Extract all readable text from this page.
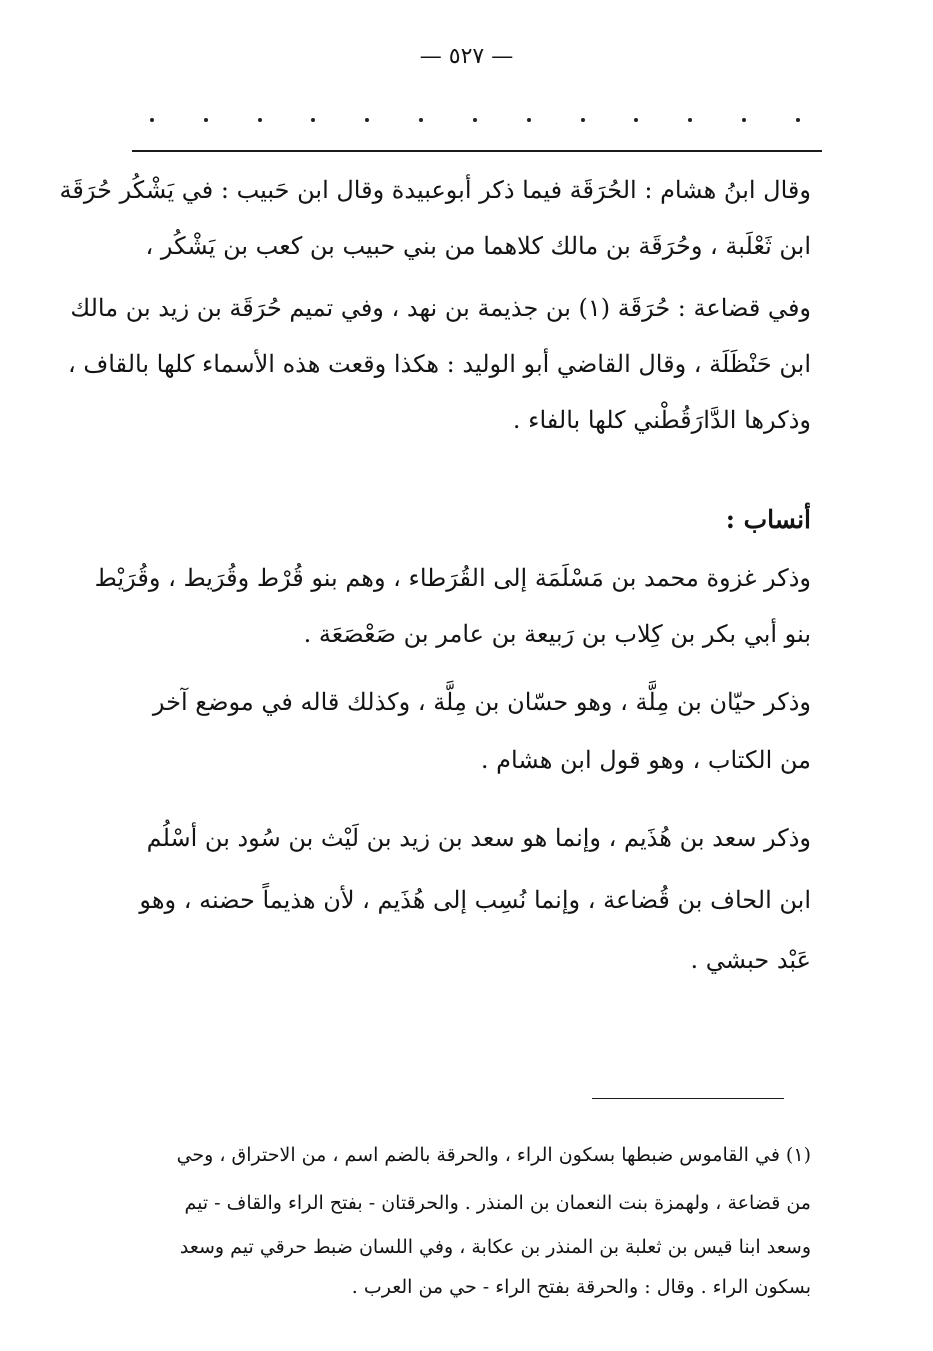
— ٥٢٧ —
وقال ابنُ هشام : الحُرَقَة فيما ذكر أبوعبيدة وقال ابن حَبيب : في يَشْكُر حُرَقَة
ابن ثَعْلَبة ، وحُرَقَة بن مالك كلاهما من بني حبيب بن كعب بن يَشْكُر ،
وفي قضاعة : حُرَقَة (١) بن جذيمة بن نهد ، وفي تميم حُرَقَة بن زيد بن مالك
ابن حَنْظَلَة ، وقال القاضي أبو الوليد : هكذا وقعت هذه الأسماء كلها بالقاف ،
وذكرها الدَّارَقُطْني كلها بالفاء .
أنساب :
وذكر غزوة محمد بن مَسْلَمَة إلى القُرَطاء ، وهم بنو قُرْط وقُرَيط ، وقُرَيْط
بنو أبي بكر بن كِلاب بن رَبيعة بن عامر بن صَعْصَعَة .
وذكر حيّان بن مِلَّة ، وهو حسّان بن مِلَّة ، وكذلك قاله في موضع آخر
من الكتاب ، وهو قول ابن هشام .
وذكر سعد بن هُذَيم ، وإنما هو سعد بن زيد بن لَيْث بن سُود بن أسْلُم
ابن الحاف بن قُضاعة ، وإنما نُسِب إلى هُذَيم ، لأن هذيماً حضنه ، وهو
عَبْد حبشي .
(١) في القاموس ضبطها بسكون الراء ، والحرقة بالضم اسم ، من الاحتراق ، وحي
من قضاعة ، ولهمزة بنت النعمان بن المنذر . والحرقتان - بفتح الراء والقاف - تيم
وسعد ابنا قيس بن ثعلبة بن المنذر بن عكابة ، وفي اللسان ضبط حرقي تيم وسعد
بسكون الراء . وقال : والحرقة بفتح الراء - حي من العرب .
